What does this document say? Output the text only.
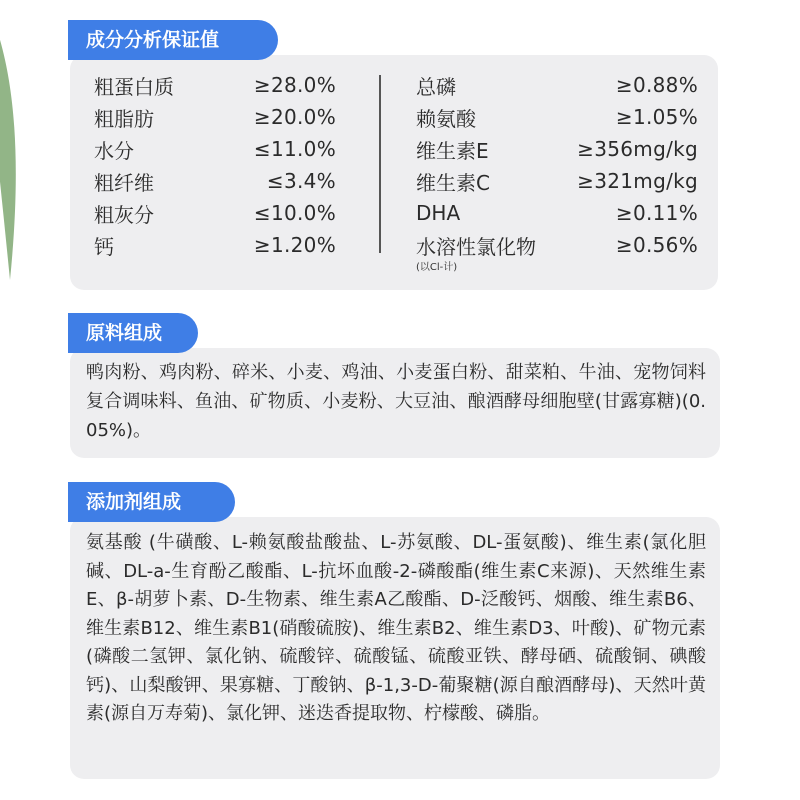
成分分析保证值
粗蛋白质	≥28.0%
粗脂肪	≥20.0%
水分	≤11.0%
粗纤维	≤3.4%
粗灰分	≤10.0%
钙	≥1.20%
总磷	≥0.88%
赖氨酸	≥1.05%
维生素E	≥356mg/kg
维生素C	≥321mg/kg
DHA	≥0.11%
水溶性氯化物	≥0.56%
(以Cl-计)
原料组成

鸭肉粉、鸡肉粉、碎米、小麦、鸡油、小麦蛋白粉、甜菜粕、牛油、宠物饲料复合调味料、鱼油、矿物质、小麦粉、大豆油、酿酒酵母细胞壁(甘露寡糖)(0.05%)。

添加剂组成

氨基酸 (牛磺酸、L-赖氨酸盐酸盐、L-苏氨酸、DL-蛋氨酸)、维生素(氯化胆碱、DL-a-生育酚乙酸酯、L-抗坏血酸-2-磷酸酯(维生素C来源)、天然维生素E、β-胡萝卜素、D-生物素、维生素A乙酸酯、D-泛酸钙、烟酸、维生素B6、维生素B12、维生素B1(硝酸硫胺)、维生素B2、维生素D3、叶酸)、矿物元素(磷酸二氢钾、氯化钠、硫酸锌、硫酸锰、硫酸亚铁、酵母硒、硫酸铜、碘酸钙)、山梨酸钾、果寡糖、丁酸钠、β-1,3-D-葡聚糖(源自酿酒酵母)、天然叶黄素(源自万寿菊)、氯化钾、迷迭香提取物、柠檬酸、磷脂。
